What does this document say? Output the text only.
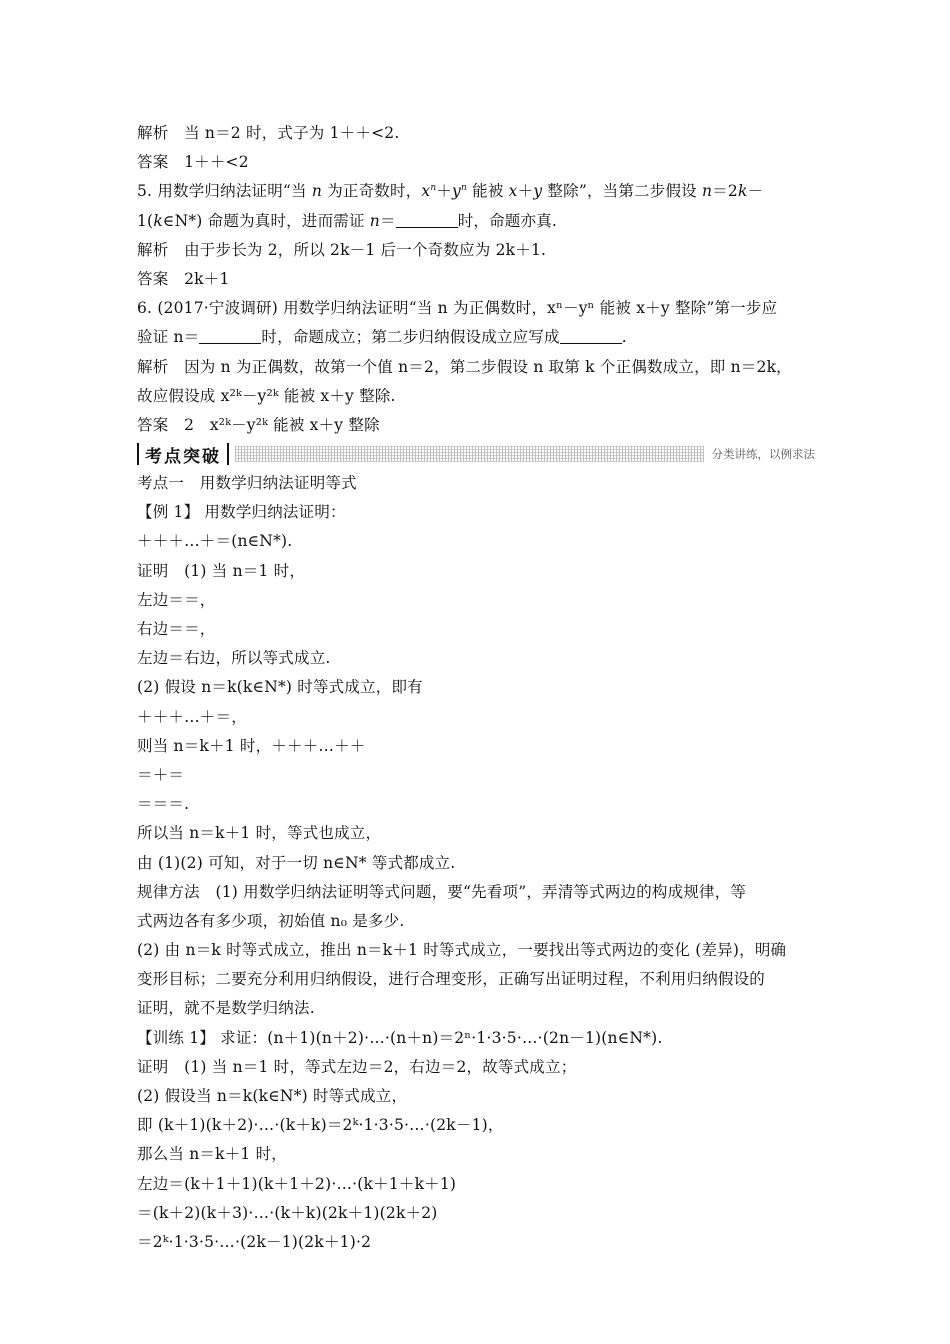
解析　当 n＝2 时，式子为 1＋＋<2.
答案　1＋＋<2
5. 用数学归纳法证明“当 n 为正奇数时，$x^n+y^n$ 能被 x＋y 整除”，当第二步假设 n＝2k－
1(k∈N*) 命题为真时，进而需证 n＝	时，命题亦真.
解析　由于步长为 2，所以 2k－1 后一个奇数应为 2k＋1.
答案　2k＋1
6. (2017·宁波调研) 用数学归纳法证明“当 n 为正偶数时，xⁿ－yⁿ 能被 x＋y 整除”第一步应
验证 n＝	时，命题成立；第二步归纳假设成立应写成	.
解析　因为 n 为正偶数，故第一个值 n＝2，第二步假设 n 取第 k 个正偶数成立，即 n＝2k，
故应假设成 x²ᵏ－y²ᵏ 能被 x＋y 整除.
答案　2　x²ᵏ－y²ᵏ 能被 x＋y 整除
考点突破	分类讲练，以例求法
考点一　用数学归纳法证明等式
【例 1】 用数学归纳法证明：
＋＋＋…＋＝(n∈N*).
证明　(1) 当 n＝1 时，
左边＝＝，
右边＝＝，
左边＝右边，所以等式成立.
(2) 假设 n＝k(k∈N*) 时等式成立，即有
＋＋＋…＋＝，
则当 n＝k＋1 时，＋＋＋…＋＋
＝＋＝
＝＝＝.
所以当 n＝k＋1 时，等式也成立，
由 (1)(2) 可知，对于一切 n∈N* 等式都成立.
规律方法　(1) 用数学归纳法证明等式问题，要“先看项”，弄清等式两边的构成规律，等
式两边各有多少项，初始值 n₀ 是多少.
(2) 由 n＝k 时等式成立，推出 n＝k＋1 时等式成立，一要找出等式两边的变化 (差异)，明确
变形目标；二要充分利用归纳假设，进行合理变形，正确写出证明过程，不利用归纳假设的
证明，就不是数学归纳法.
【训练 1】 求证：(n＋1)(n＋2)·…·(n＋n)＝2ⁿ·1·3·5·…·(2n－1)(n∈N*).
证明　(1) 当 n＝1 时，等式左边＝2，右边＝2，故等式成立；
(2) 假设当 n＝k(k∈N*) 时等式成立，
即 (k＋1)(k＋2)·…·(k＋k)＝2ᵏ·1·3·5·…·(2k－1)，
那么当 n＝k＋1 时，
左边＝(k＋1＋1)(k＋1＋2)·…·(k＋1＋k＋1)
＝(k＋2)(k＋3)·…·(k＋k)(2k＋1)(2k＋2)
＝2ᵏ·1·3·5·…·(2k－1)(2k＋1)·2
